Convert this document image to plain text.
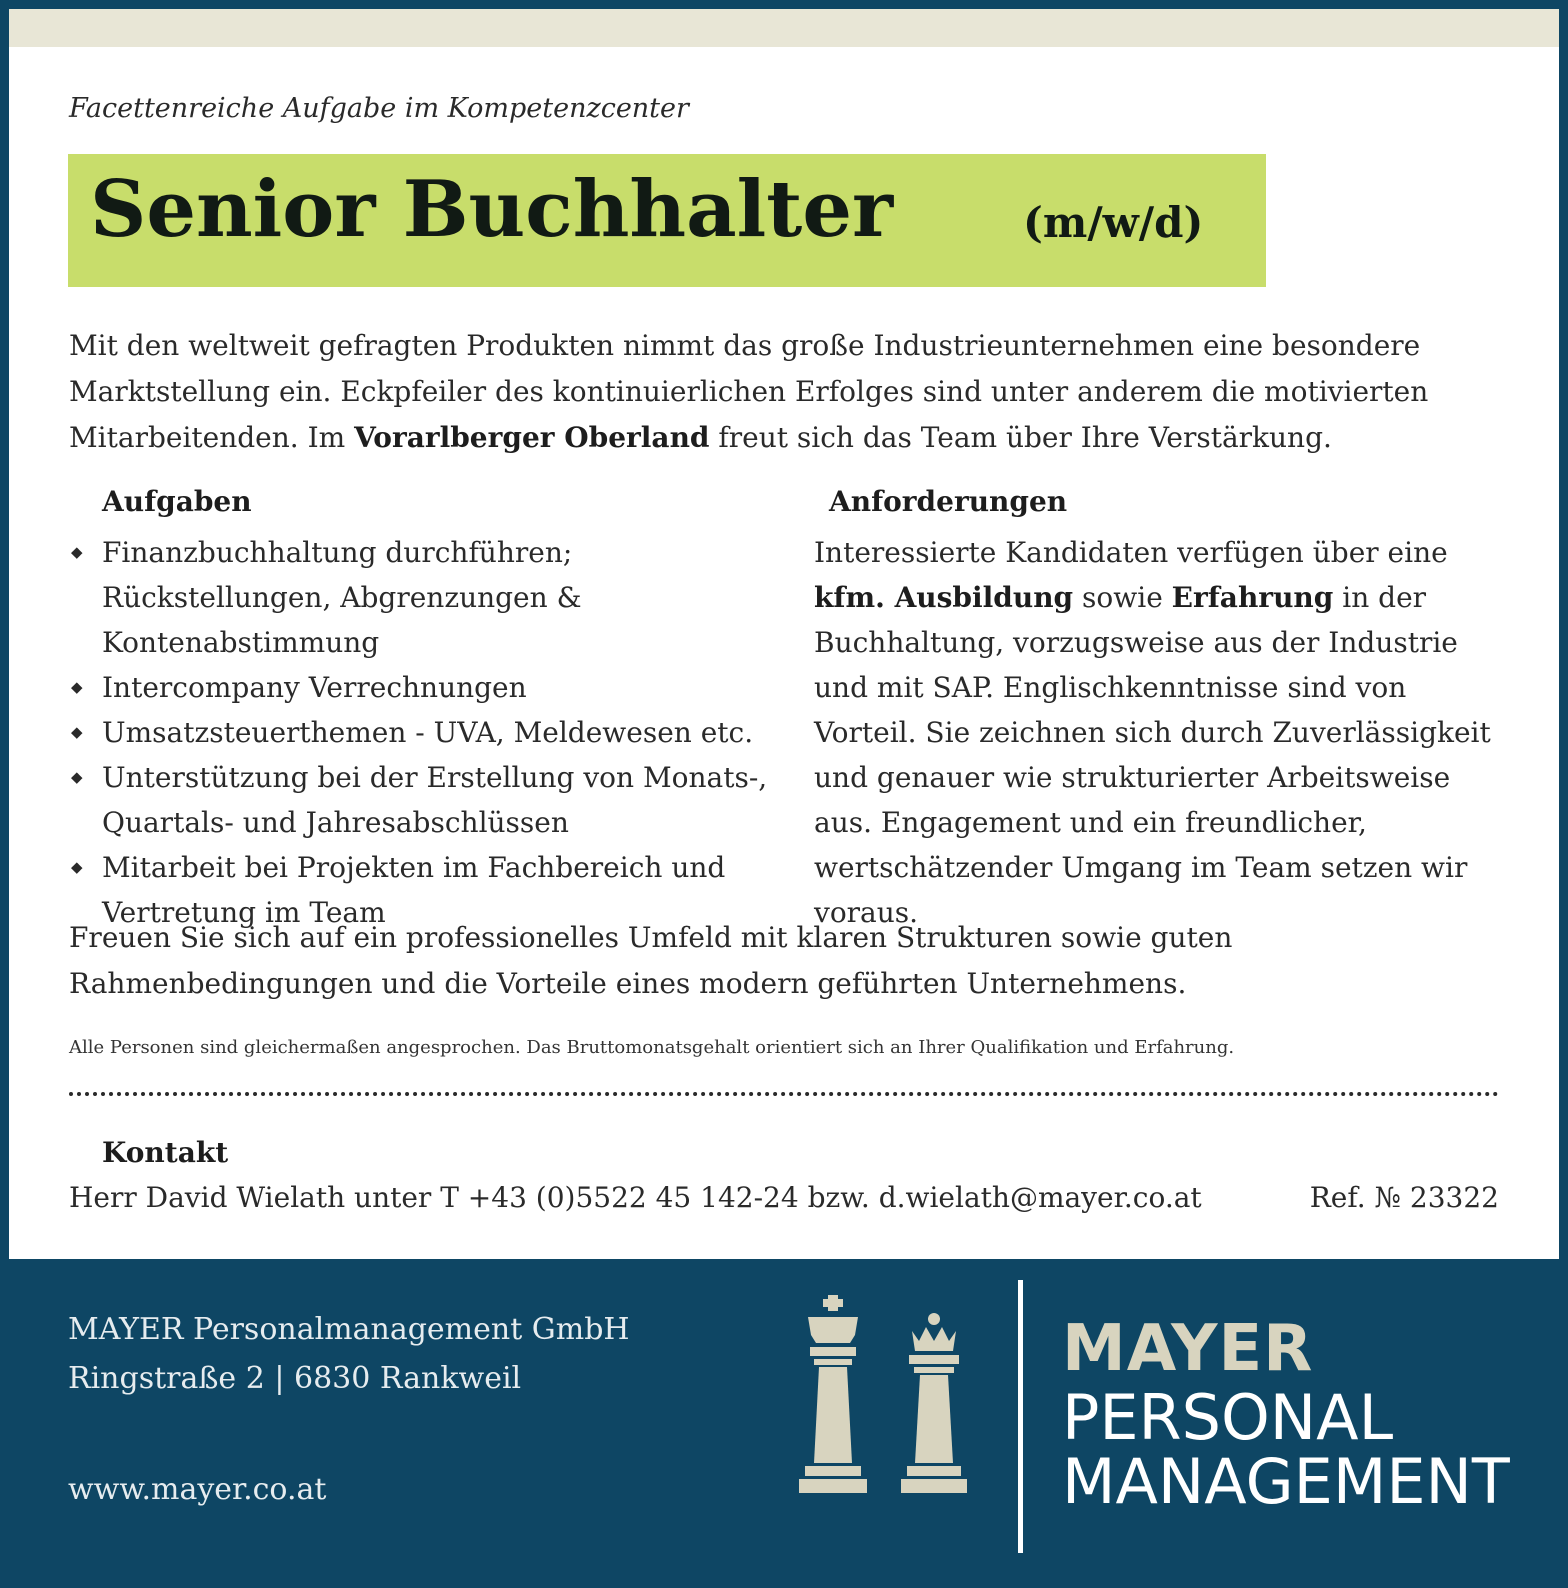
Facettenreiche Aufgabe im Kompetenzcenter
Senior Buchhalter	(m/w/d)

Mit den weltweit gefragten Produkten nimmt das große Industrieunternehmen eine besondere Marktstellung ein. Eckpfeiler des kontinuierlichen Erfolges sind unter anderem die motivierten Mitarbeitenden. Im Vorarlberger Oberland freut sich das Team über Ihre Verstärkung.

Aufgaben
◆ Finanzbuchhaltung durchführen; Rückstellungen, Abgrenzungen & Kontenabstimmung
◆ Intercompany Verrechnungen
◆ Umsatzsteuerthemen - UVA, Meldewesen etc.
◆ Unterstützung bei der Erstellung von Monats-, Quartals- und Jahresabschlüssen
◆ Mitarbeit bei Projekten im Fachbereich und Vertretung im Team
Anforderungen

Interessierte Kandidaten verfügen über eine kfm. Ausbildung sowie Erfahrung in der Buchhaltung, vorzugsweise aus der Industrie und mit SAP. Englischkenntnisse sind von Vorteil. Sie zeichnen sich durch Zuverlässigkeit und genauer wie strukturierter Arbeitsweise aus. Engagement und ein freundlicher, wertschätzender Umgang im Team setzen wir voraus.

Freuen Sie sich auf ein professionelles Umfeld mit klaren Strukturen sowie guten Rahmenbedingungen und die Vorteile eines modern geführten Unternehmens.

Alle Personen sind gleichermaßen angesprochen. Das Bruttomonatsgehalt orientiert sich an Ihrer Qualifikation und Erfahrung.
Kontakt
Herr David Wielath unter T +43 (0)5522 45 142-24 bzw. d.wielath@mayer.co.at	Ref. № 23322
MAYER Personalmanagement GmbH
Ringstraße 2 | 6830 Rankweil
www.mayer.co.at
MAYER
PERSONAL
MANAGEMENT
